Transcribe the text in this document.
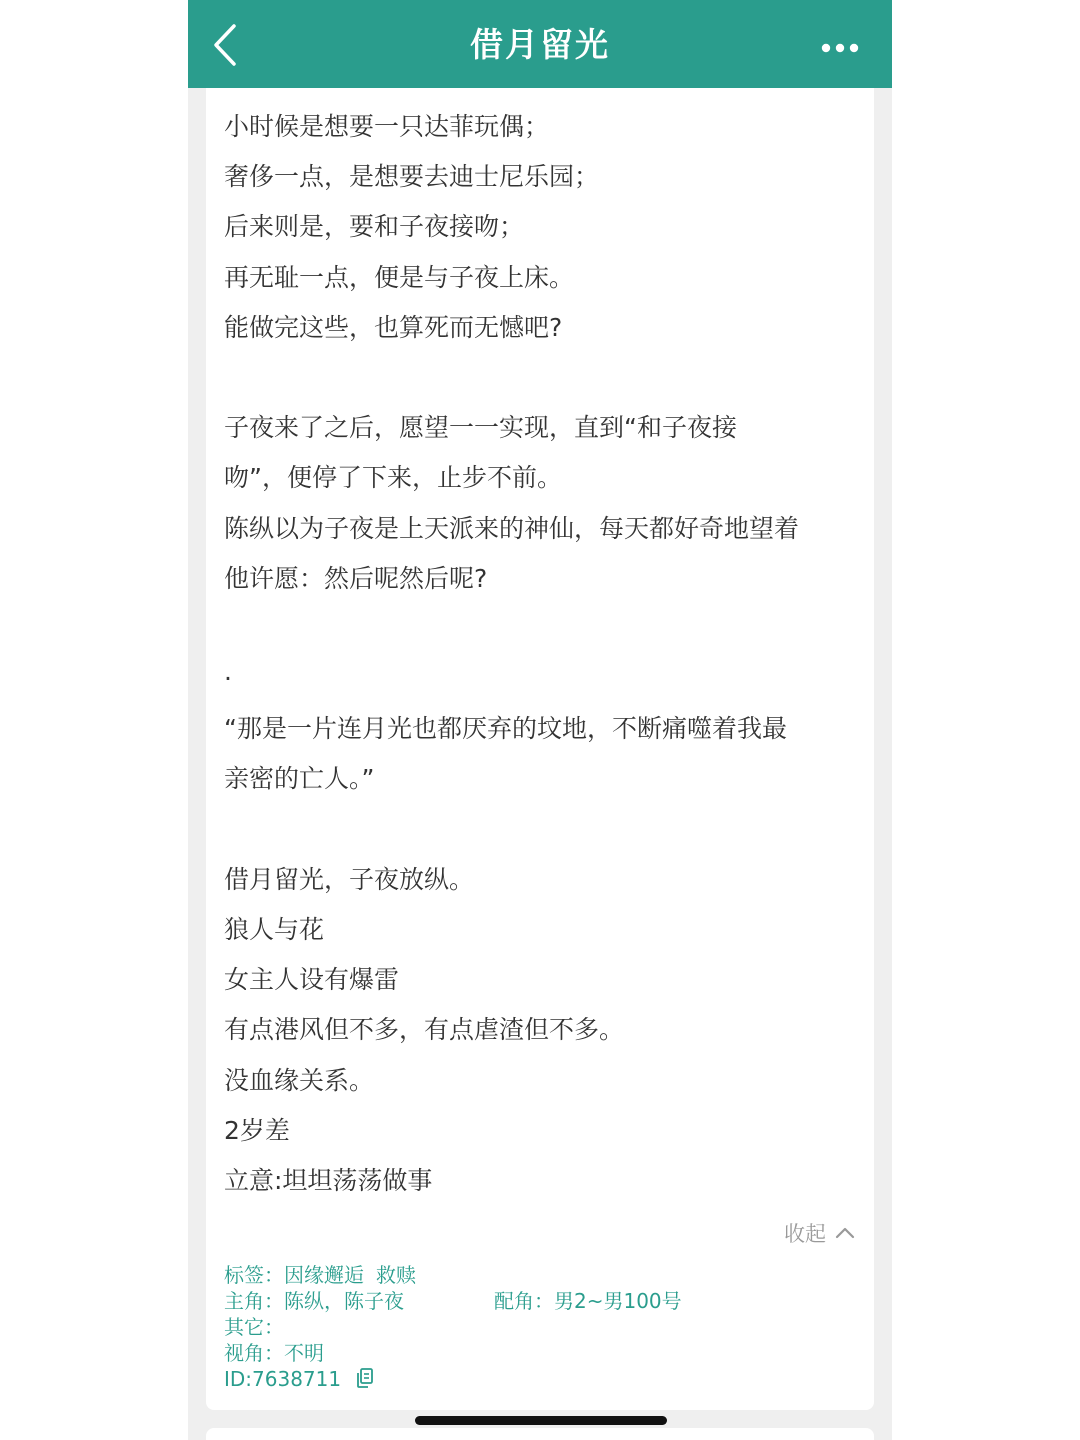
借月留光
小时候是想要一只达菲玩偶；
奢侈一点，是想要去迪士尼乐园；
后来则是，要和子夜接吻；
再无耻一点，便是与子夜上床。
能做完这些，也算死而无憾吧?
子夜来了之后，愿望一一实现，直到“和子夜接
吻”，便停了下来，止步不前。
陈纵以为子夜是上天派来的神仙，每天都好奇地望着
他许愿：然后呢然后呢?
·
“那是一片连月光也都厌弃的坟地，不断痛噬着我最
亲密的亡人。”
借月留光，子夜放纵。
狼人与花
女主人设有爆雷
有点港风但不多，有点虐渣但不多。
没血缘关系。
2岁差
立意:坦坦荡荡做事
收起
标签：因缘邂逅 救赎
主角：陈纵，陈子夜	配角：男2~男100号
其它：
视角：不明
ID:7638711
